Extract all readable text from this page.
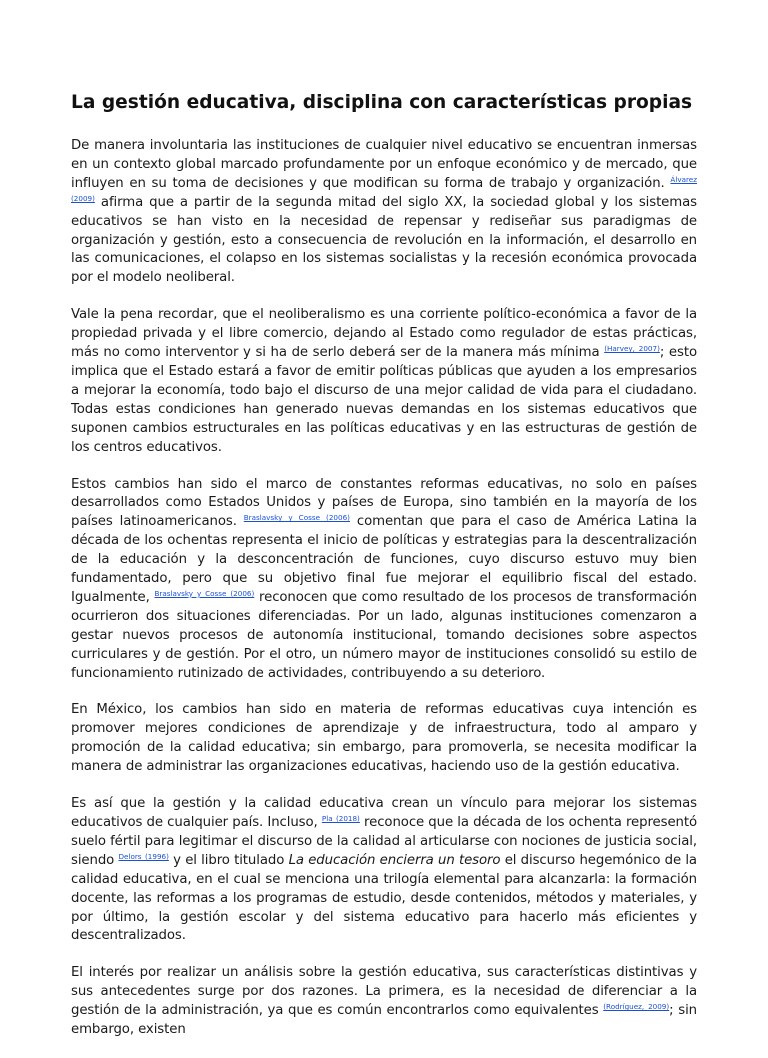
La gestión educativa, disciplina con características propias

De manera involuntaria las instituciones de cualquier nivel educativo se encuentran inmersas en un contexto global marcado profundamente por un enfoque económico y de mercado, que influyen en su toma de decisiones y que modifican su forma de trabajo y organización. $^{Álvarez (2009)}$ afirma que a partir de la segunda mitad del siglo XX, la sociedad global y los sistemas educativos se han visto en la necesidad de repensar y rediseñar sus paradigmas de organización y gestión, esto a consecuencia de revolución en la información, el desarrollo en las comunicaciones, el colapso en los sistemas socialistas y la recesión económica provocada por el modelo neoliberal.

Vale la pena recordar, que el neoliberalismo es una corriente político-económica a favor de la propiedad privada y el libre comercio, dejando al Estado como regulador de estas prácticas, más no como interventor y si ha de serlo deberá ser de la manera más mínima $^{(Harvey, 2007)}$; esto implica que el Estado estará a favor de emitir políticas públicas que ayuden a los empresarios a mejorar la economía, todo bajo el discurso de una mejor calidad de vida para el ciudadano. Todas estas condiciones han generado nuevas demandas en los sistemas educativos que suponen cambios estructurales en las políticas educativas y en las estructuras de gestión de los centros educativos.

Estos cambios han sido el marco de constantes reformas educativas, no solo en países desarrollados como Estados Unidos y países de Europa, sino también en la mayoría de los países latinoamericanos. $^{Braslavsky y Cosse (2006)}$ comentan que para el caso de América Latina la década de los ochentas representa el inicio de políticas y estrategias para la descentralización de la educación y la desconcentración de funciones, cuyo discurso estuvo muy bien fundamentado, pero que su objetivo final fue mejorar el equilibrio fiscal del estado. Igualmente, $^{Braslavsky y Cosse (2006)}$ reconocen que como resultado de los procesos de transformación ocurrieron dos situaciones diferenciadas. Por un lado, algunas instituciones comenzaron a gestar nuevos procesos de autonomía institucional, tomando decisiones sobre aspectos curriculares y de gestión. Por el otro, un número mayor de instituciones consolidó su estilo de funcionamiento rutinizado de actividades, contribuyendo a su deterioro.

En México, los cambios han sido en materia de reformas educativas cuya intención es promover mejores condiciones de aprendizaje y de infraestructura, todo al amparo y promoción de la calidad educativa; sin embargo, para promoverla, se necesita modificar la manera de administrar las organizaciones educativas, haciendo uso de la gestión educativa.

Es así que la gestión y la calidad educativa crean un vínculo para mejorar los sistemas educativos de cualquier país. Incluso, $^{Pla (2018)}$ reconoce que la década de los ochenta representó suelo fértil para legitimar el discurso de la calidad al articularse con nociones de justicia social, siendo $^{Delors (1996)}$ y el libro titulado La educación encierra un tesoro el discurso hegemónico de la calidad educativa, en el cual se menciona una trilogía elemental para alcanzarla: la formación docente, las reformas a los programas de estudio, desde contenidos, métodos y materiales, y por último, la gestión escolar y del sistema educativo para hacerlo más eficientes y descentralizados.

El interés por realizar un análisis sobre la gestión educativa, sus características distintivas y sus antecedentes surge por dos razones. La primera, es la necesidad de diferenciar a la gestión de la administración, ya que es común encontrarlos como equivalentes $^{(Rodríguez, 2009)}$; sin embargo, existen
